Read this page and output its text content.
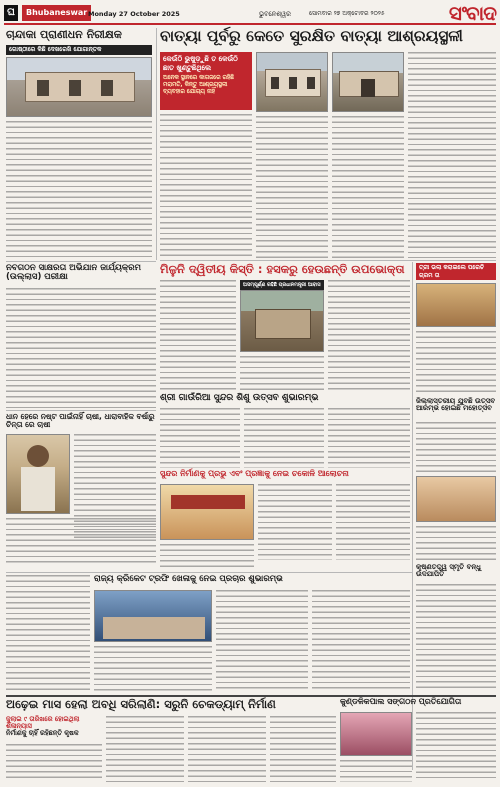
ଘ	Bhubaneswar Monday 27 October 2025	ଭୁବନେଶ୍ୱର	ସୋମବାର ୨୭ ଅକ୍ଟୋବର ୨୦୨୫	ସଂବାଦ
ଚାନ୍ଦାକା ପ୍ରାଣୀଧନ ନିରୀକ୍ଷକ
ଗୋଷ୍ଠୀରେ କିଛି ଦେଖରେଖି ଯୋଗାନ୍ତକ
ବାତ୍ୟା ପୂର୍ବରୁ କେତେ ସୁରକ୍ଷିତ ବାତ୍ୟା ଆଶ୍ରୟସ୍ଥଳୀ
କେଉଁଠି ଭୁଷୁଡ଼ୁଛି ତ କେଉଁଠି ଛାତ ଖୁଣ୍ଟୁଛିଥିଲେ
ଅନେକ ସ୍ଥାନରେ କାଗଜରେ ରହିଛି ମରାମତି, କିନ୍ତୁ ଆଶ୍ରୟସ୍ଥଳୀ ବ୍ୟବହାର ଯୋଗ୍ୟ ନାହିଁ
ମିଳୁନି ଦ୍ୱିତୀୟ କିସ୍ତି : ହସକରୁ ହେଉଛନ୍ତି ଉପଭୋକ୍ତା
ଅସମ୍ପୂର୍ଣ୍ଣ ରହିଛି ପ୍ରଧାନମନ୍ତ୍ରୀ ଆବାସ
ତ୍ରୀ ଭଲା କରାଇଲେ ପରେଚି ଗ୍ରମ ତା
ଜିଲ୍ଲାସ୍ତରୀୟ ଯୁବଛି ଉତ୍ସବ ଆରମ୍ଭ ହୋଇଛି ମହୋତ୍ସବ
ନବଗଠନ ସାକ୍ଷରତା ଅଭିଯାନ ଜାର୍ଯ୍ୟକ୍ରମ (ଉଲ୍ଲାସ) ପରୀକ୍ଷା
ଧାନ ହେରେ ନଷ୍ଟ ପାଇଁନାହିଁ ଚାଷୀ, ଧାରାବାହିକ ବର୍ଷାରୁ ଚିନ୍ତା ରେ ଚାଷୀ
ଶ୍ରୀ ଗାଉଁରିଆ ସୁନ୍ଦର ଶିଶୁ ଉତ୍ସବ ଶୁଭାରମ୍ଭ
ସୁନ୍ଦର ନିର୍ମାଣକୁ ପ୍ରଭୁ ଏବଂ ପ୍ରଜ୍ଞାକୁ ନେଇ ଚକୋଳି ଆଲୋଚନା
ରାଜ୍ୟ କ୍ରିକେଟ ଟ୍ରଫି ଖେଳାକୁ ନେଇ ପ୍ରଚାର ଶୁଭାରମ୍ଭ
କୃଷ୍ଣତତ୍ତ୍ୱ ସ୍ମୃତି ବନ୍ଧୁ ଉଦଯାପିତ
ଅଢ଼େଇ ମାସ ହେଲା ଅବଧି ସରିଲାଣି: ସରୁନି ଚେକଡ୍ୟାମ୍ ନିର୍ମାଣ
ଜୁଲାଇ ୯ ତାରିଖରେ ହୋଇଥିଲା ଶିଳାନ୍ୟାସ
ନିର୍ମାଣକୁ ଚାହିଁ ରହିଛନ୍ତି କୃଷକ
କୁଣ୍ଡଳିକପାଲ ସଙ୍ଗଠନ ପ୍ରତିଯୋଗିତା
